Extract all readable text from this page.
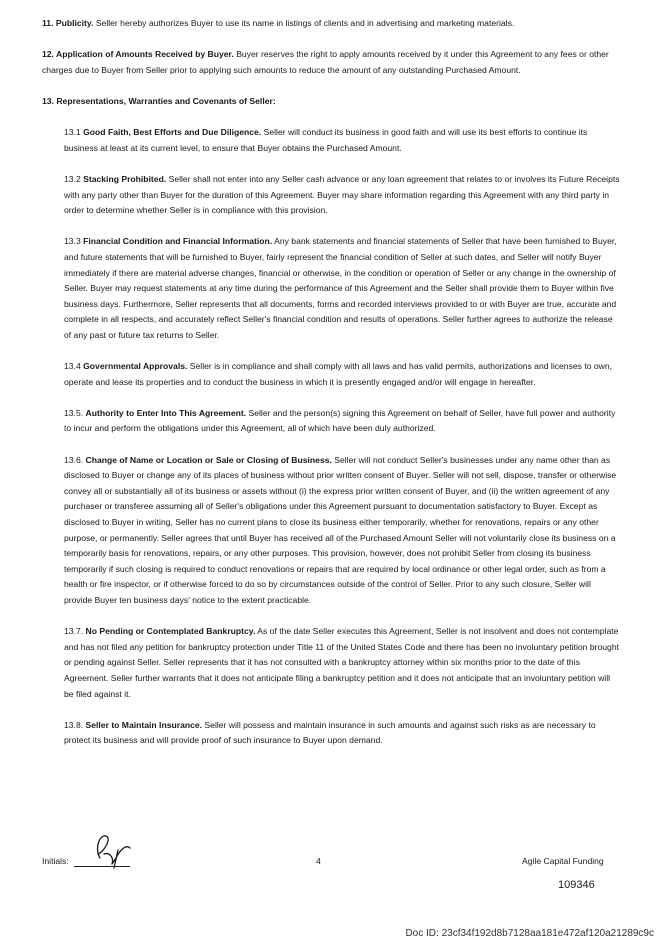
11. Publicity. Seller hereby authorizes Buyer to use its name in listings of clients and in advertising and marketing materials.

12. Application of Amounts Received by Buyer. Buyer reserves the right to apply amounts received by it under this Agreement to any fees or other charges due to Buyer from Seller prior to applying such amounts to reduce the amount of any outstanding Purchased Amount.

13. Representations, Warranties and Covenants of Seller:

13.1 Good Faith, Best Efforts and Due Diligence. Seller will conduct its business in good faith and will use its best efforts to continue its business at least at its current level, to ensure that Buyer obtains the Purchased Amount.

13.2 Stacking Prohibited. Seller shall not enter into any Seller cash advance or any loan agreement that relates to or involves its Future Receipts with any party other than Buyer for the duration of this Agreement. Buyer may share information regarding this Agreement with any third party in order to determine whether Seller is in compliance with this provision.

13.3 Financial Condition and Financial Information. Any bank statements and financial statements of Seller that have been furnished to Buyer, and future statements that will be furnished to Buyer, fairly represent the financial condition of Seller at such dates, and Seller will notify Buyer immediately if there are material adverse changes, financial or otherwise, in the condition or operation of Seller or any change in the ownership of Seller. Buyer may request statements at any time during the performance of this Agreement and the Seller shall provide them to Buyer within five business days. Furthermore, Seller represents that all documents, forms and recorded interviews provided to or with Buyer are true, accurate and complete in all respects, and accurately reflect Seller's financial condition and results of operations. Seller further agrees to authorize the release of any past or future tax returns to Seller.

13.4 Governmental Approvals. Seller is in compliance and shall comply with all laws and has valid permits, authorizations and licenses to own, operate and lease its properties and to conduct the business in which it is presently engaged and/or will engage in hereafter.

13.5. Authority to Enter Into This Agreement. Seller and the person(s) signing this Agreement on behalf of Seller, have full power and authority to incur and perform the obligations under this Agreement, all of which have been duly authorized.

13.6. Change of Name or Location or Sale or Closing of Business. Seller will not conduct Seller's businesses under any name other than as disclosed to Buyer or change any of its places of business without prior written consent of Buyer. Seller will not sell, dispose, transfer or otherwise convey all or substantially all of its business or assets without (i) the express prior written consent of Buyer, and (ii) the written agreement of any purchaser or transferee assuming all of Seller's obligations under this Agreement pursuant to documentation satisfactory to Buyer. Except as disclosed to Buyer in writing, Seller has no current plans to close its business either temporarily, whether for renovations, repairs or any other purpose, or permanently. Seller agrees that until Buyer has received all of the Purchased Amount Seller will not voluntarily close its business on a temporarily basis for renovations, repairs, or any other purposes. This provision, however, does not prohibit Seller from closing its business temporarily if such closing is required to conduct renovations or repairs that are required by local ordinance or other legal order, such as from a health or fire inspector, or if otherwise forced to do so by circumstances outside of the control of Seller. Prior to any such closure, Seller will provide Buyer ten business days' notice to the extent practicable.

13.7. No Pending or Contemplated Bankruptcy. As of the date Seller executes this Agreement, Seller is not insolvent and does not contemplate and has not filed any petition for bankruptcy protection under Title 11 of the United States Code and there has been no involuntary petition brought or pending against Seller. Seller represents that it has not consulted with a bankruptcy attorney within six months prior to the date of this Agreement. Seller further warrants that it does not anticipate filing a bankruptcy petition and it does not anticipate that an involuntary petition will be filed against it.

13.8. Seller to Maintain Insurance. Seller will possess and maintain insurance in such amounts and against such risks as are necessary to protect its business and will provide proof of such insurance to Buyer upon demand.

Initials:	4	Agile Capital Funding
109346
Doc ID: 23cf34f192d8b7128aa181e472af120a21289c9c
